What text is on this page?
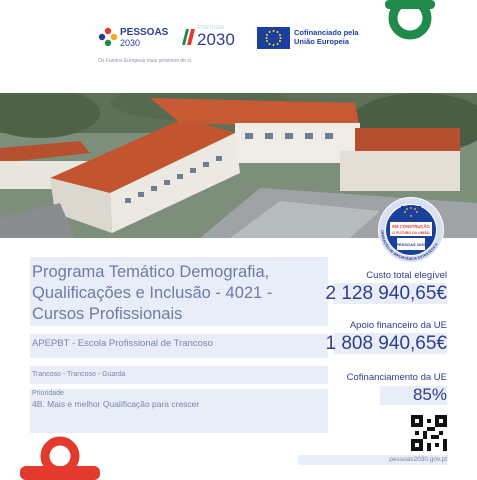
PESSOAS
2030
PORTUGAL
2030	Cofinanciado pela
União Europeia
Os Fundos Europeus mais próximos de si.
EM CONSTRUÇÃO
O FUTURO DA UNIÃO
PESSOAS 2030
OPERAÇÃO DE IMPORTÂNCIA ESTRATÉGICA
Programa Temático Demografia, Qualificações e Inclusão - 4021 - Cursos Profissionais
APEPBT - Escola Profissional de Trancoso
Trancoso - Trancoso - Guarda
Prioridade
4B. Mais e melhor Qualificação para crescer
Custo total elegível
2 128 940,65€
Apoio financeiro da UE
1 808 940,65€
Cofinanciamento da UE
85%
pessoas2030.gov.pt
